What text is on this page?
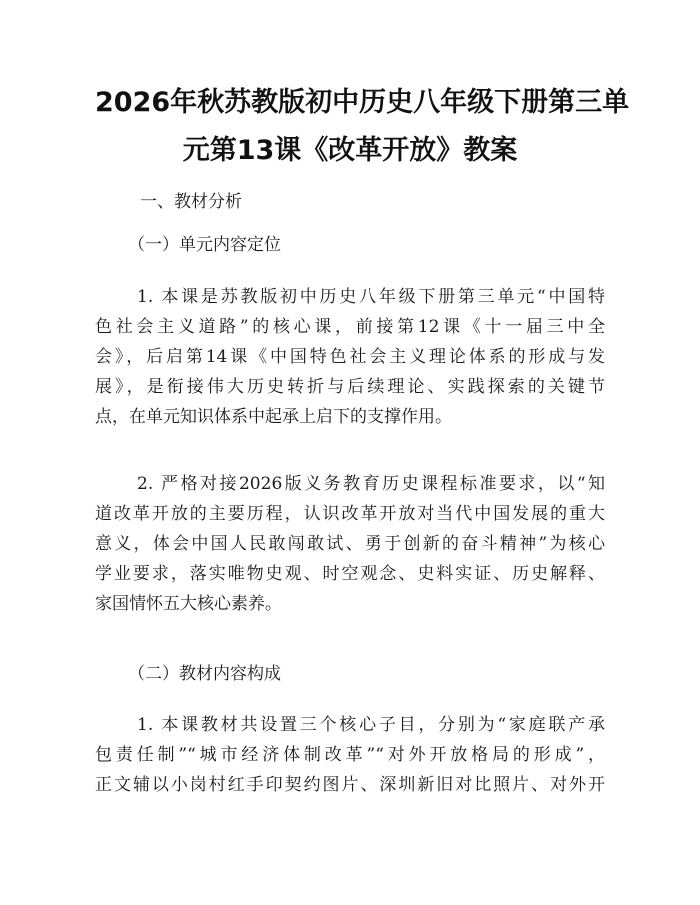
2026年秋苏教版初中历史八年级下册第三单
元第13课《改革开放》教案
一、教材分析
（一）单元内容定位
1. 本课是苏教版初中历史八年级下册第三单元“中国特
色社会主义道路”的核心课，前接第12课《十一届三中全
会》，后启第14课《中国特色社会主义理论体系的形成与发
展》，是衔接伟大历史转折与后续理论、实践探索的关键节
点，在单元知识体系中起承上启下的支撑作用。
2. 严格对接2026版义务教育历史课程标准要求，以“知
道改革开放的主要历程，认识改革开放对当代中国发展的重大
意义，体会中国人民敢闯敢试、勇于创新的奋斗精神”为核心
学业要求，落实唯物史观、时空观念、史料实证、历史解释、
家国情怀五大核心素养。
（二）教材内容构成
1. 本课教材共设置三个核心子目，分别为“家庭联产承
包责任制”“城市经济体制改革”“对外开放格局的形成”，
正文辅以小岗村红手印契约图片、深圳新旧对比照片、对外开
